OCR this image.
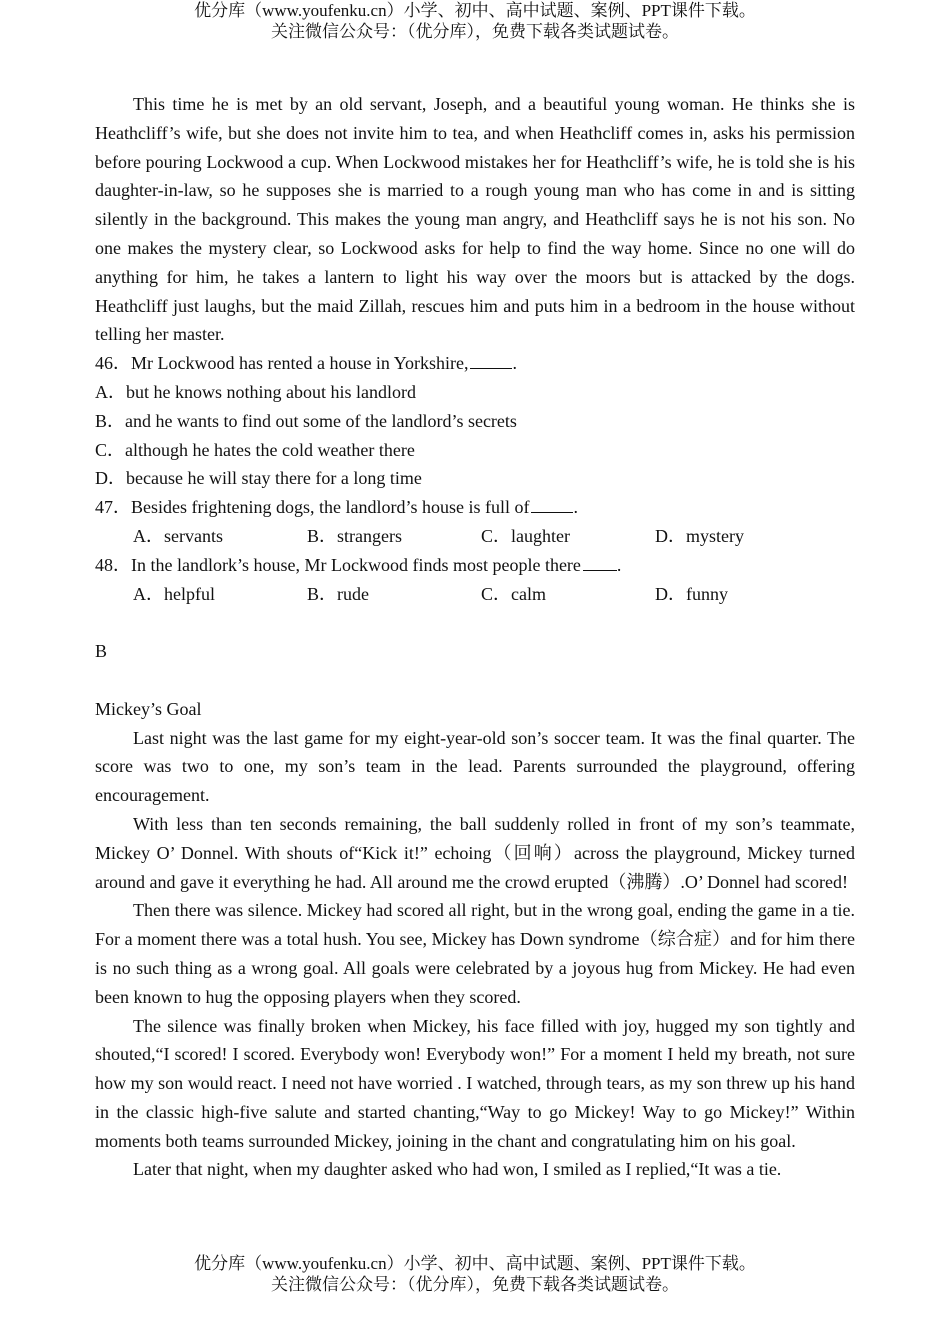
优分库（www.youfenku.cn）小学、初中、高中试题、案例、PPT课件下载。
关注微信公众号：（优分库），免费下载各类试题试卷。

This time he is met by an old servant, Joseph, and a beautiful young woman. He thinks she is Heathcliff’s wife, but she does not invite him to tea, and when Heathcliff comes in, asks his permission before pouring Lockwood a cup. When Lockwood mistakes her for Heathcliff’s wife, he is told she is his daughter-in-law, so he supposes she is married to a rough young man who has come in and is sitting silently in the background. This makes the young man angry, and Heathcliff says he is not his son. No one makes the mystery clear, so Lockwood asks for help to find the way home. Since no one will do anything for him, he takes a lantern to light his way over the moors but is attacked by the dogs. Heathcliff just laughs, but the maid Zillah, rescues him and puts him in a bedroom in the house without telling her master.

46．Mr Lockwood has rented a house in Yorkshire, .

A．but he knows nothing about his landlord

B．and he wants to find out some of the landlord’s secrets

C．although he hates the cold weather there

D．because he will stay there for a long time

47．Besides frightening dogs, the landlord’s house is full of .

A．servants	B．strangers	C．laughter	D．mystery

48．In the landlork’s house, Mr Lockwood finds most people there .

A．helpful	B．rude	C．calm	D．funny

B

Mickey’s Goal

Last night was the last game for my eight-year-old son’s soccer team. It was the final quarter. The score was two to one, my son’s team in the lead. Parents surrounded the playground, offering encouragement.

With less than ten seconds remaining, the ball suddenly rolled in front of my son’s teammate, Mickey O’ Donnel. With shouts of“Kick it!” echoing（回响）across the playground, Mickey turned around and gave it everything he had. All around me the crowd erupted（沸腾）.O’ Donnel had scored!

Then there was silence. Mickey had scored all right, but in the wrong goal, ending the game in a tie. For a moment there was a total hush. You see, Mickey has Down syndrome（综合症）and for him there is no such thing as a wrong goal. All goals were celebrated by a joyous hug from Mickey. He had even been known to hug the opposing players when they scored.

The silence was finally broken when Mickey, his face filled with joy, hugged my son tightly and shouted,“I scored! I scored. Everybody won! Everybody won!” For a moment I held my breath, not sure how my son would react. I need not have worried . I watched, through tears, as my son threw up his hand in the classic high-five salute and started chanting,“Way to go Mickey! Way to go Mickey!” Within moments both teams surrounded Mickey, joining in the chant and congratulating him on his goal.

Later that night, when my daughter asked who had won, I smiled as I replied,“It was a tie.

优分库（www.youfenku.cn）小学、初中、高中试题、案例、PPT课件下载。
关注微信公众号：（优分库），免费下载各类试题试卷。
